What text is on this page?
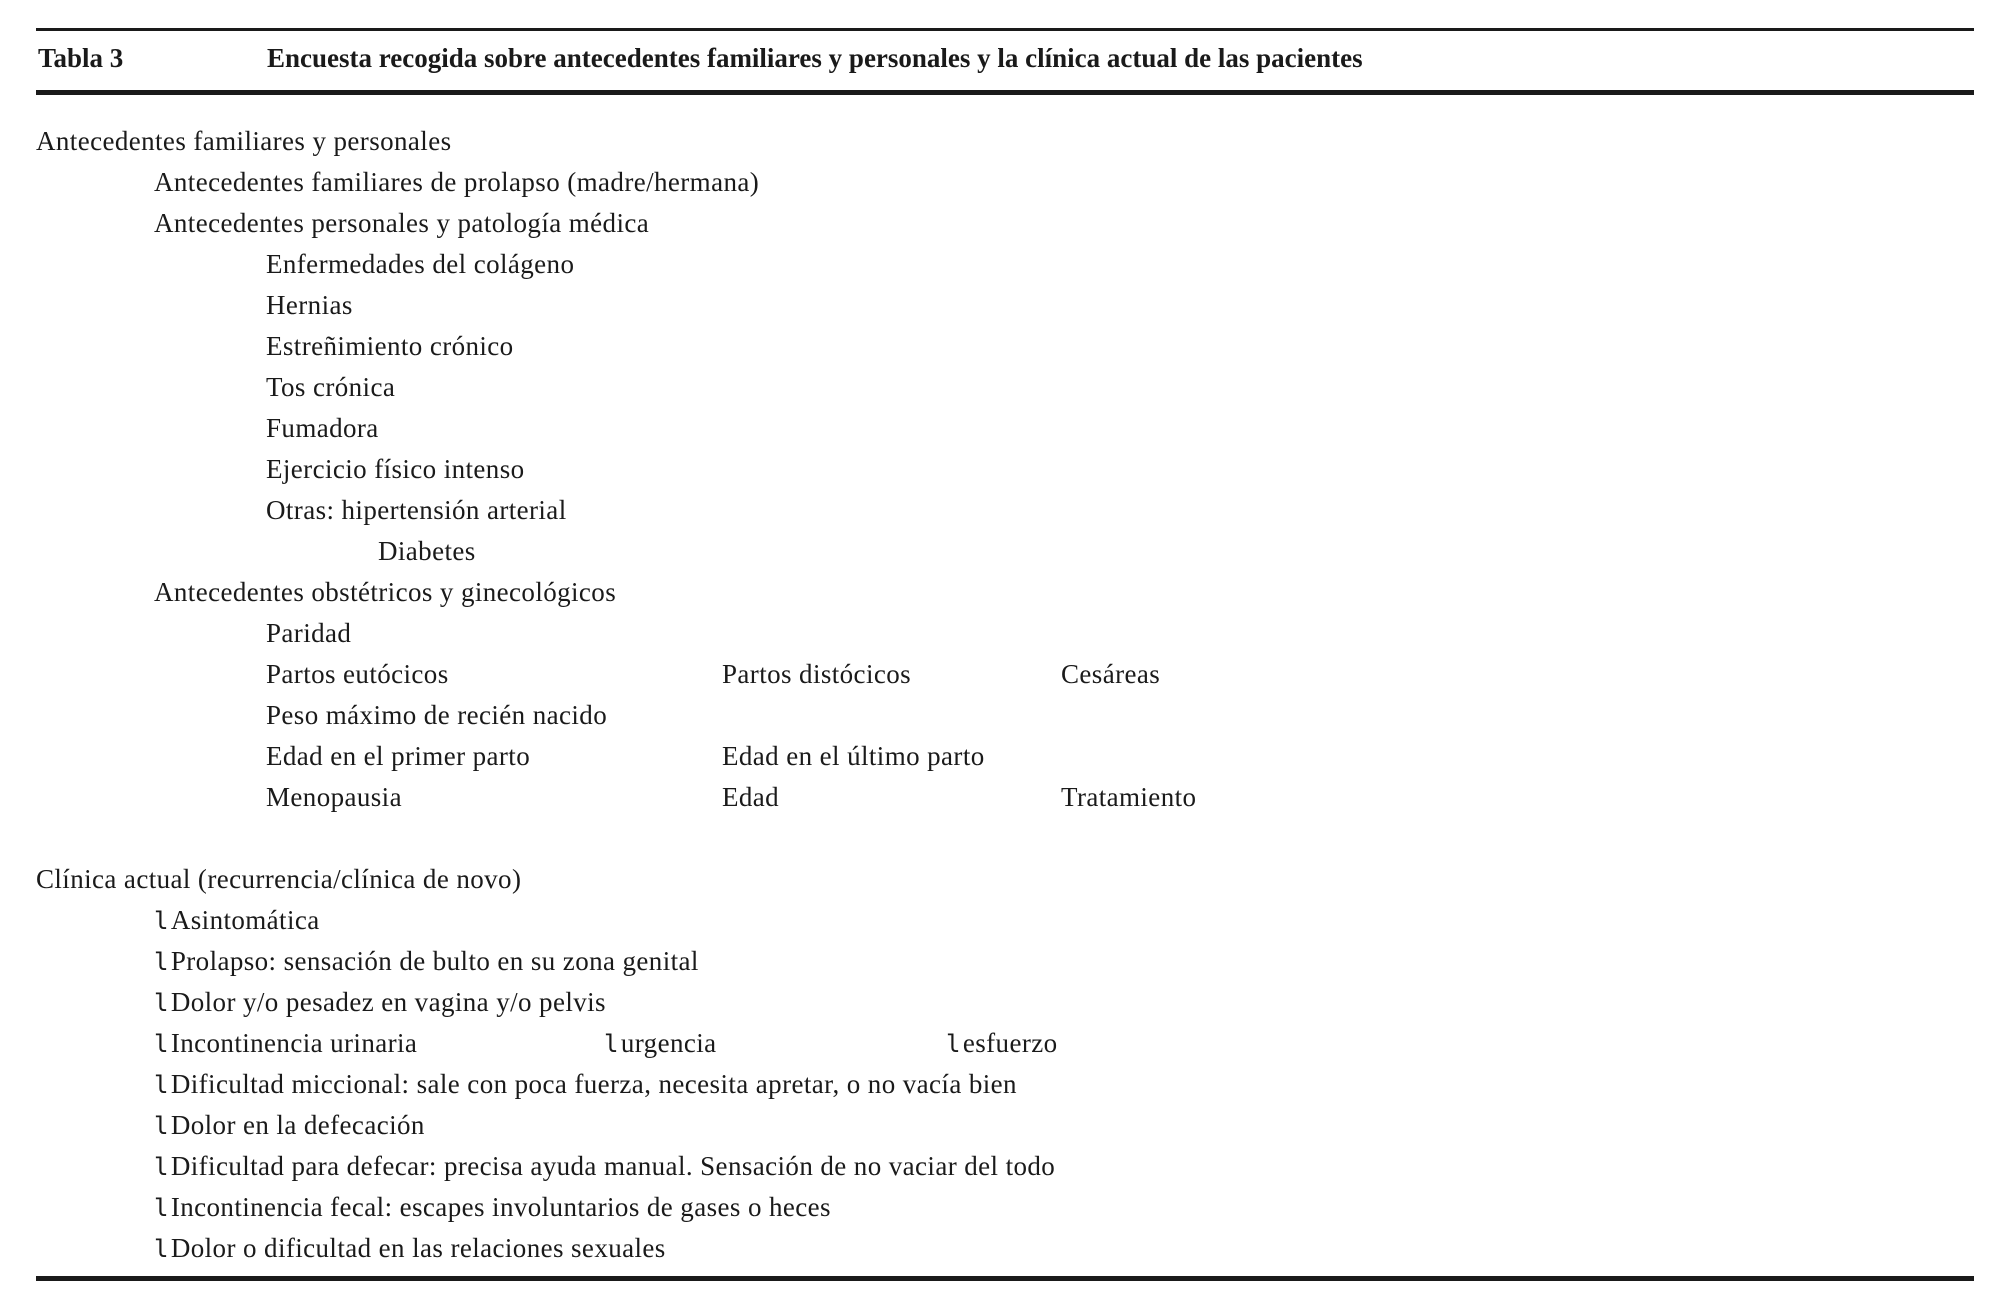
Tabla 3	Encuesta recogida sobre antecedentes familiares y personales y la clínica actual de las pacientes
Antecedentes familiares y personales
Antecedentes familiares de prolapso (madre/hermana)
Antecedentes personales y patología médica
Enfermedades del colágeno
Hernias
Estreñimiento crónico
Tos crónica
Fumadora
Ejercicio físico intenso
Otras: hipertensión arterial
Diabetes
Antecedentes obstétricos y ginecológicos
Paridad
Partos eutócicos	Partos distócicos	Cesáreas
Peso máximo de recién nacido
Edad en el primer parto	Edad en el último parto
Menopausia	Edad	Tratamiento
Clínica actual (recurrencia/clínica de novo)
lAsintomática
lProlapso: sensación de bulto en su zona genital
lDolor y/o pesadez en vagina y/o pelvis
lIncontinencia urinaria	lurgencia	lesfuerzo
lDificultad miccional: sale con poca fuerza, necesita apretar, o no vacía bien
lDolor en la defecación
lDificultad para defecar: precisa ayuda manual. Sensación de no vaciar del todo
lIncontinencia fecal: escapes involuntarios de gases o heces
lDolor o dificultad en las relaciones sexuales
